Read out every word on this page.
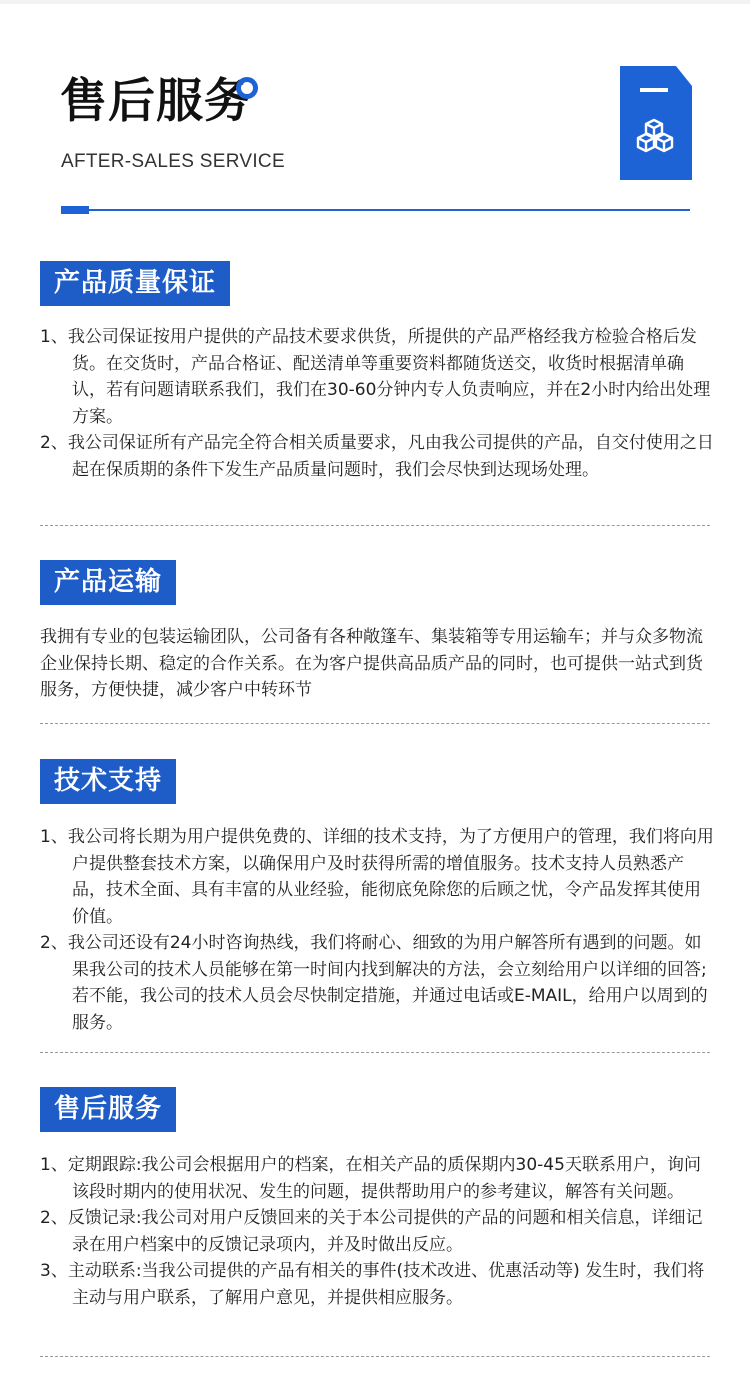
售后服务
AFTER-SALES SERVICE
产品质量保证

1、我公司保证按用户提供的产品技术要求供货，所提供的产品严格经我方检验合格后发货。在交货时，产品合格证、配送清单等重要资料都随货送交，收货时根据清单确认，若有问题请联系我们，我们在30-60分钟内专人负责响应，并在2小时内给出处理方案。

2、我公司保证所有产品完全符合相关质量要求，凡由我公司提供的产品，自交付使用之日起在保质期的条件下发生产品质量问题时，我们会尽快到达现场处理。

产品运输

我拥有专业的包装运输团队，公司备有各种敞篷车、集装箱等专用运输车；并与众多物流企业保持长期、稳定的合作关系。在为客户提供高品质产品的同时，也可提供一站式到货服务，方便快捷，减少客户中转环节

技术支持

1、我公司将长期为用户提供免费的、详细的技术支持，为了方便用户的管理，我们将向用户提供整套技术方案，以确保用户及时获得所需的增值服务。技术支持人员熟悉产品，技术全面、具有丰富的从业经验，能彻底免除您的后顾之忧，令产品发挥其使用价值。

2、我公司还设有24小时咨询热线，我们将耐心、细致的为用户解答所有遇到的问题。如果我公司的技术人员能够在第一时间内找到解决的方法，会立刻给用户以详细的回答;若不能，我公司的技术人员会尽快制定措施，并通过电话或E-MAIL，给用户以周到的服务。

售后服务

1、定期跟踪:我公司会根据用户的档案，在相关产品的质保期内30-45天联系用户，询问该段时期内的使用状况、发生的问题，提供帮助用户的参考建议，解答有关问题。

2、反馈记录:我公司对用户反馈回来的关于本公司提供的产品的问题和相关信息，详细记录在用户档案中的反馈记录项内，并及时做出反应。

3、主动联系:当我公司提供的产品有相关的事件(技术改进、优惠活动等) 发生时，我们将主动与用户联系，了解用户意见，并提供相应服务。
